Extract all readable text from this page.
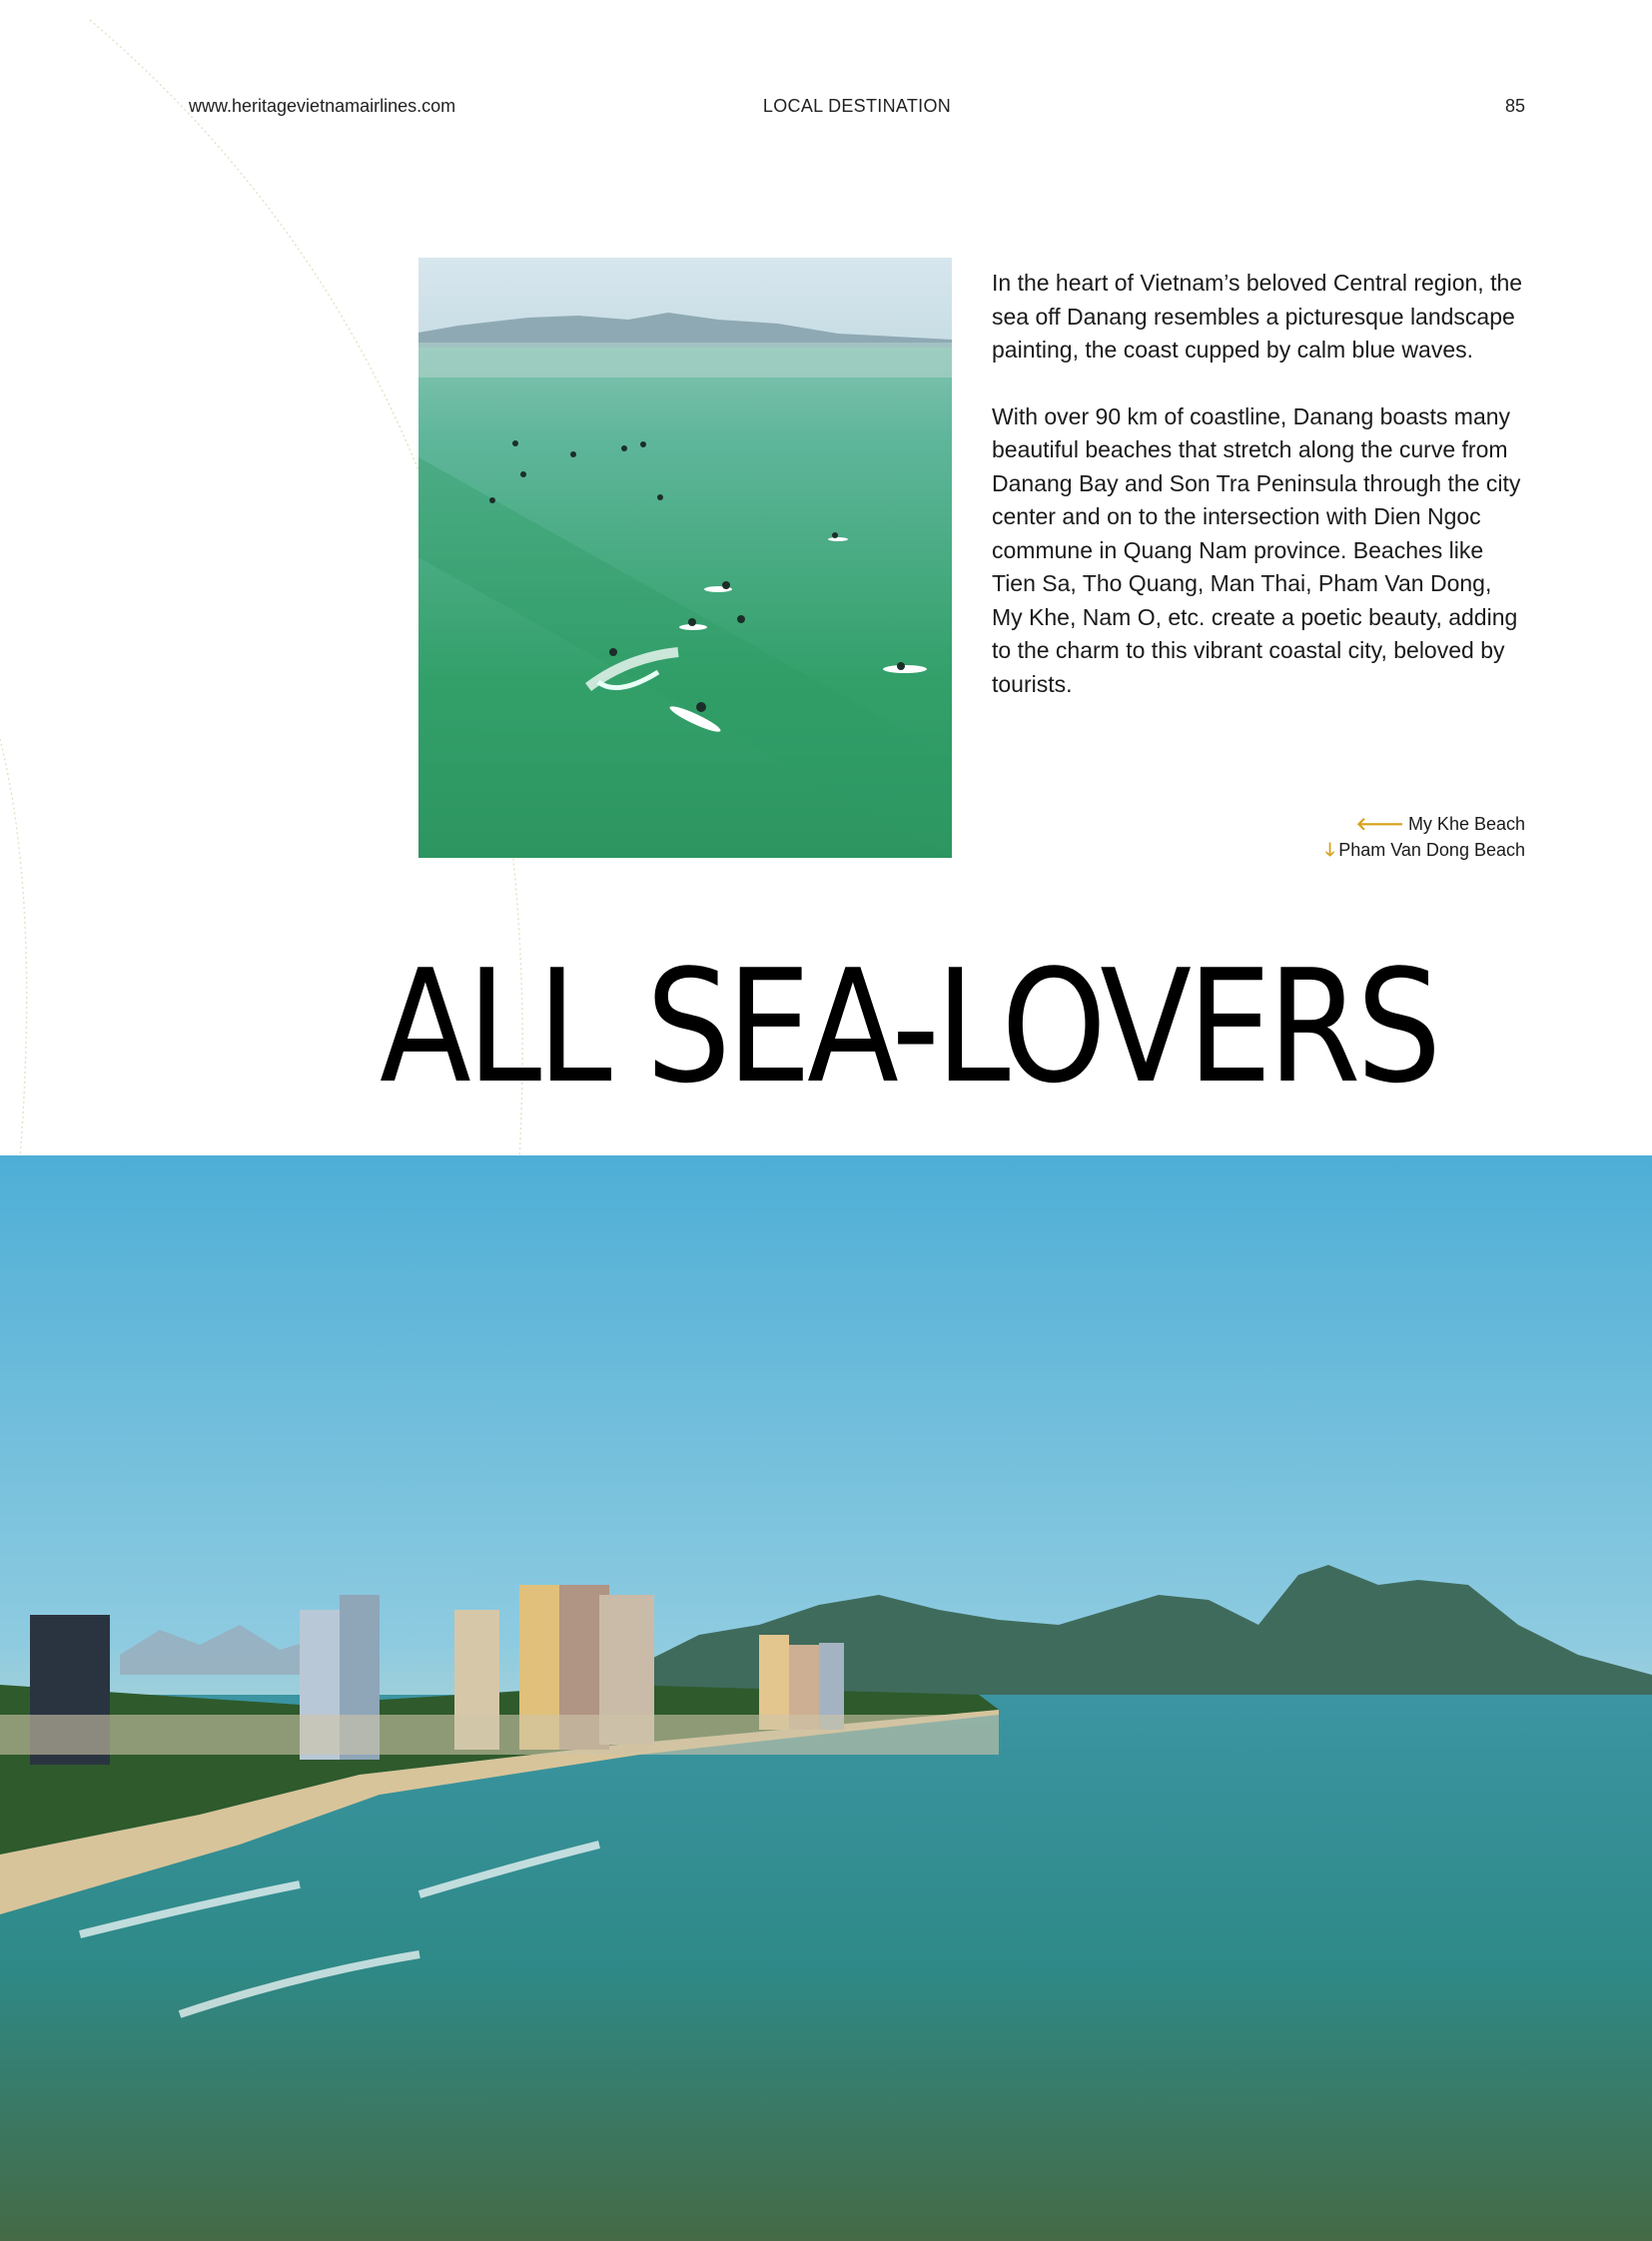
www.heritagevietnamairlines.com	LOCAL DESTINATION	85

In the heart of Vietnam’s beloved Central region, the sea off Danang resembles a picturesque landscape painting, the coast cupped by calm blue waves.

With over 90 km of coastline, Danang boasts many beautiful beaches that stretch along the curve from Danang Bay and Son Tra Peninsula through the city center and on to the intersection with Dien Ngoc commune in Quang Nam province. Beaches like Tien Sa, Tho Quang, Man Thai, Pham Van Dong, My Khe, Nam O, etc. create a poetic beauty, adding to the charm to this vibrant coastal city, beloved by tourists.

🡐 My Khe Beach
🡓 Pham Van Dong Beach
ALL SEA-LOVERS
